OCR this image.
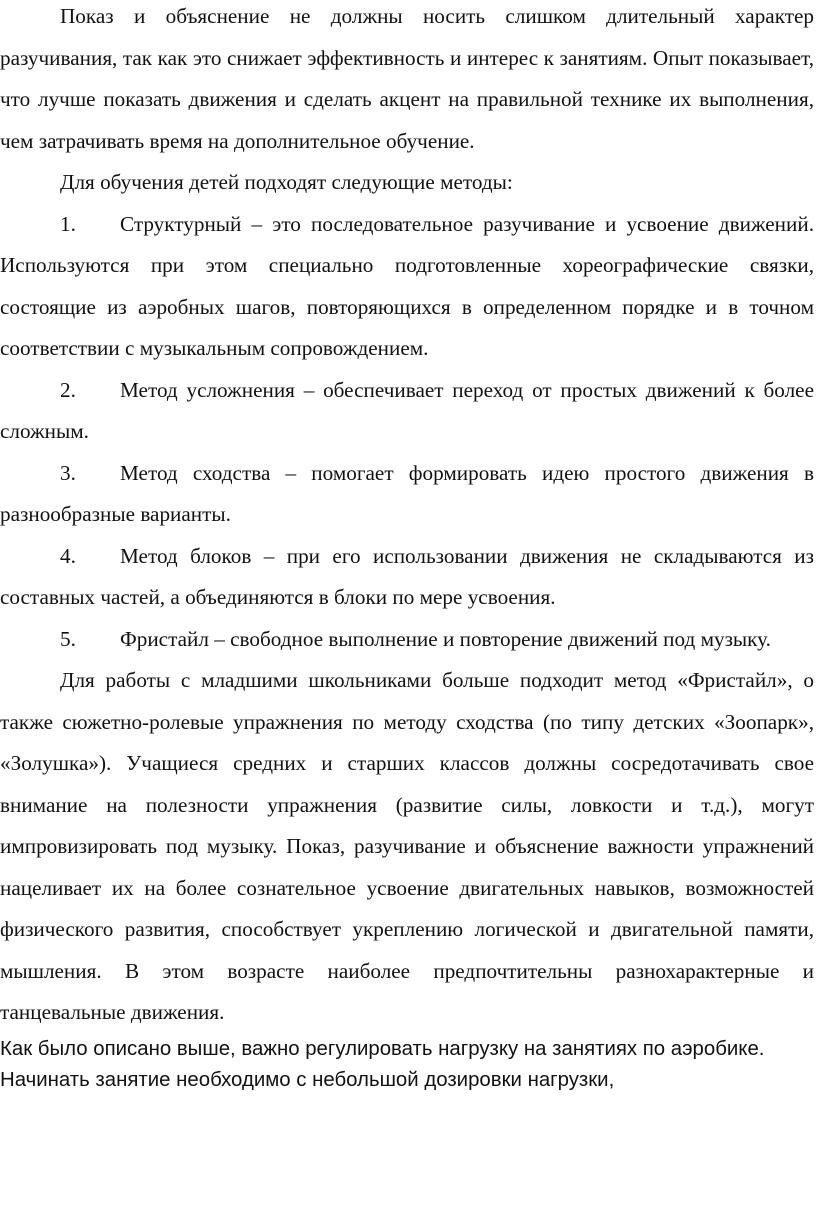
Показ и объяснение не должны носить слишком длительный характер разучивания, так как это снижает эффективность и интерес к занятиям. Опыт показывает, что лучше показать движения и сделать акцент на правильной технике их выполнения, чем затрачивать время на дополнительное обучение.

Для обучения детей подходят следующие методы:

1. Структурный – это последовательное разучивание и усвоение движений. Используются при этом специально подготовленные хореографические связки, состоящие из аэробных шагов, повторяющихся в определенном порядке и в точном соответствии с музыкальным сопровождением.

2. Метод усложнения – обеспечивает переход от простых движений к более сложным.

3. Метод сходства – помогает формировать идею простого движения в разнообразные варианты.

4. Метод блоков – при его использовании движения не складываются из составных частей, а объединяются в блоки по мере усвоения.

5. Фристайл – свободное выполнение и повторение движений под музыку.

Для работы с младшими школьниками больше подходит метод «Фристайл», о также сюжетно-ролевые упражнения по методу сходства (по типу детских «Зоопарк», «Золушка»). Учащиеся средних и старших классов должны сосредотачивать свое внимание на полезности упражнения (развитие силы, ловкости и т.д.), могут импровизировать под музыку. Показ, разучивание и объяснение важности упражнений нацеливает их на более сознательное усвоение двигательных навыков, возможностей физического развития, способствует укреплению логической и двигательной памяти, мышления. В этом возрасте наиболее предпочтительны разнохарактерные и танцевальные движения.

Как было описано выше, важно регулировать нагрузку на занятиях по аэробике. Начинать занятие необходимо с небольшой дозировки нагрузки,
